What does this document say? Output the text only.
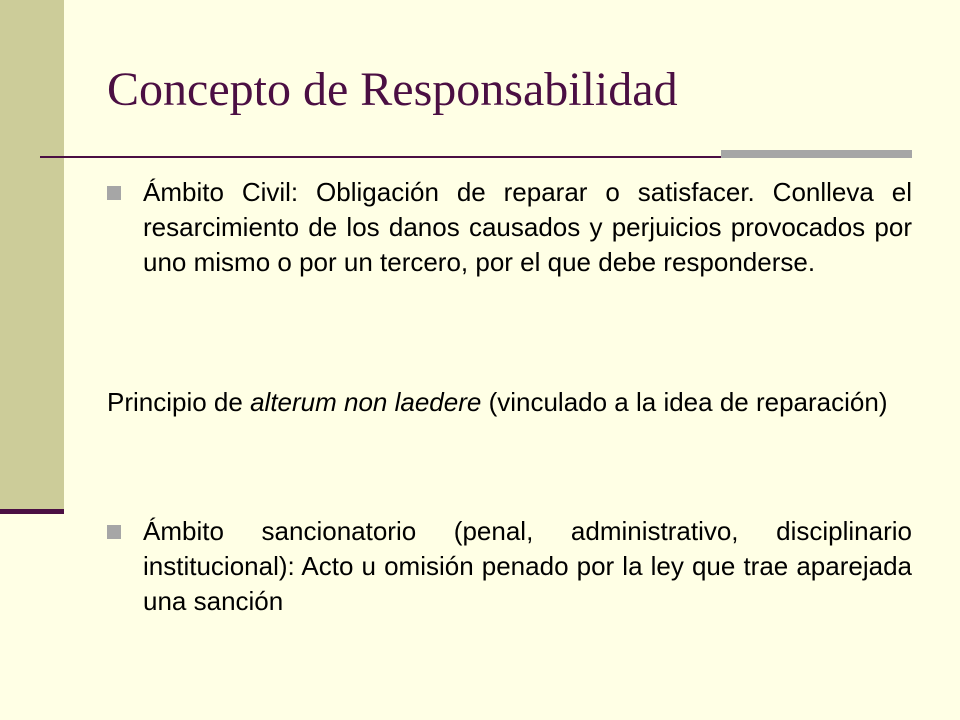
Concepto de Responsabilidad

Ámbito Civil: Obligación de reparar o satisfacer. Conlleva el resarcimiento de los danos causados y perjuicios provocados por uno mismo o por un tercero, por el que debe responderse.

Principio de alterum non laedere (vinculado a la idea de reparación)

Ámbito sancionatorio (penal, administrativo, disciplinario institucional): Acto u omisión penado por la ley que trae aparejada una sanción
